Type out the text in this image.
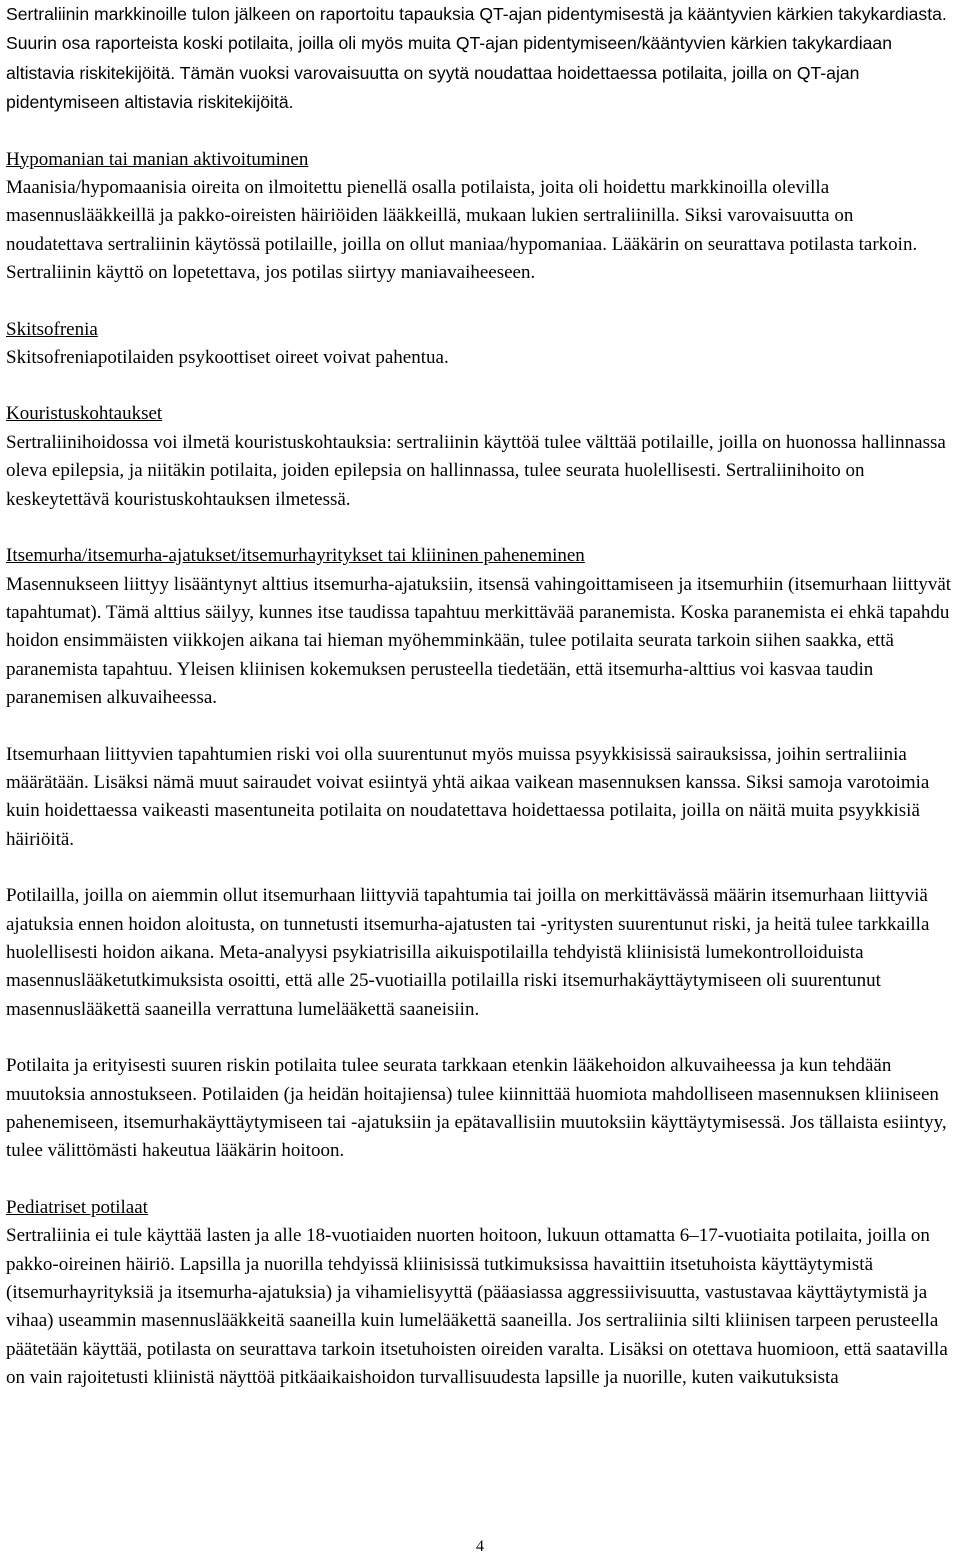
Sertraliinin markkinoille tulon jälkeen on raportoitu tapauksia QT-ajan pidentymisestä ja kääntyvien kärkien takykardiasta. Suurin osa raporteista koski potilaita, joilla oli myös muita QT-ajan pidentymiseen/kääntyvien kärkien takykardiaan altistavia riskitekijöitä. Tämän vuoksi varovaisuutta on syytä noudattaa hoidettaessa potilaita, joilla on QT-ajan pidentymiseen altistavia riskitekijöitä.

Hypomanian tai manian aktivoituminen
Maanisia/hypomaanisia oireita on ilmoitettu pienellä osalla potilaista, joita oli hoidettu markkinoilla olevilla masennuslääkkeillä ja pakko-oireisten häiriöiden lääkkeillä, mukaan lukien sertraliinilla. Siksi varovaisuutta on noudatettava sertraliinin käytössä potilaille, joilla on ollut maniaa/hypomaniaa. Lääkärin on seurattava potilasta tarkoin. Sertraliinin käyttö on lopetettava, jos potilas siirtyy maniavaiheeseen.
Skitsofrenia
Skitsofreniapotilaiden psykoottiset oireet voivat pahentua.
Kouristuskohtaukset
Sertraliinihoidossa voi ilmetä kouristuskohtauksia: sertraliinin käyttöä tulee välttää potilaille, joilla on huonossa hallinnassa oleva epilepsia, ja niitäkin potilaita, joiden epilepsia on hallinnassa, tulee seurata huolellisesti. Sertraliinihoito on keskeytettävä kouristuskohtauksen ilmetessä.
Itsemurha/itsemurha-ajatukset/itsemurhayritykset tai kliininen paheneminen
Masennukseen liittyy lisääntynyt alttius itsemurha-ajatuksiin, itsensä vahingoittamiseen ja itsemurhiin (itsemurhaan liittyvät tapahtumat). Tämä alttius säilyy, kunnes itse taudissa tapahtuu merkittävää paranemista. Koska paranemista ei ehkä tapahdu hoidon ensimmäisten viikkojen aikana tai hieman myöhemminkään, tulee potilaita seurata tarkoin siihen saakka, että paranemista tapahtuu. Yleisen kliinisen kokemuksen perusteella tiedetään, että itsemurha-alttius voi kasvaa taudin paranemisen alkuvaiheessa.

Itsemurhaan liittyvien tapahtumien riski voi olla suurentunut myös muissa psyykkisissä sairauksissa, joihin sertraliinia määrätään. Lisäksi nämä muut sairaudet voivat esiintyä yhtä aikaa vaikean masennuksen kanssa. Siksi samoja varotoimia kuin hoidettaessa vaikeasti masentuneita potilaita on noudatettava hoidettaessa potilaita, joilla on näitä muita psyykkisiä häiriöitä.

Potilailla, joilla on aiemmin ollut itsemurhaan liittyviä tapahtumia tai joilla on merkittävässä määrin itsemurhaan liittyviä ajatuksia ennen hoidon aloitusta, on tunnetusti itsemurha-ajatusten tai -yritysten suurentunut riski, ja heitä tulee tarkkailla huolellisesti hoidon aikana. Meta-analyysi psykiatrisilla aikuispotilailla tehdyistä kliinisistä lumekontrolloiduista masennuslääketutkimuksista osoitti, että alle 25-vuotiailla potilailla riski itsemurhakäyttäytymiseen oli suurentunut masennuslääkettä saaneilla verrattuna lumelääkettä saaneisiin.

Potilaita ja erityisesti suuren riskin potilaita tulee seurata tarkkaan etenkin lääkehoidon alkuvaiheessa ja kun tehdään muutoksia annostukseen. Potilaiden (ja heidän hoitajiensa) tulee kiinnittää huomiota mahdolliseen masennuksen kliiniseen pahenemiseen, itsemurhakäyttäytymiseen tai -ajatuksiin ja epätavallisiin muutoksiin käyttäytymisessä. Jos tällaista esiintyy, tulee välittömästi hakeutua lääkärin hoitoon.

Pediatriset potilaat
Sertraliinia ei tule käyttää lasten ja alle 18-vuotiaiden nuorten hoitoon, lukuun ottamatta 6–17-vuotiaita potilaita, joilla on pakko-oireinen häiriö. Lapsilla ja nuorilla tehdyissä kliinisissä tutkimuksissa havaittiin itsetuhoista käyttäytymistä (itsemurhayrityksiä ja itsemurha-ajatuksia) ja vihamielisyyttä (pääasiassa aggressiivisuutta, vastustavaa käyttäytymistä ja vihaa) useammin masennuslääkkeitä saaneilla kuin lumelääkettä saaneilla. Jos sertraliinia silti kliinisen tarpeen perusteella päätetään käyttää, potilasta on seurattava tarkoin itsetuhoisten oireiden varalta. Lisäksi on otettava huomioon, että saatavilla on vain rajoitetusti kliinistä näyttöä pitkäaikaishoidon turvallisuudesta lapsille ja nuorille, kuten vaikutuksista
4
